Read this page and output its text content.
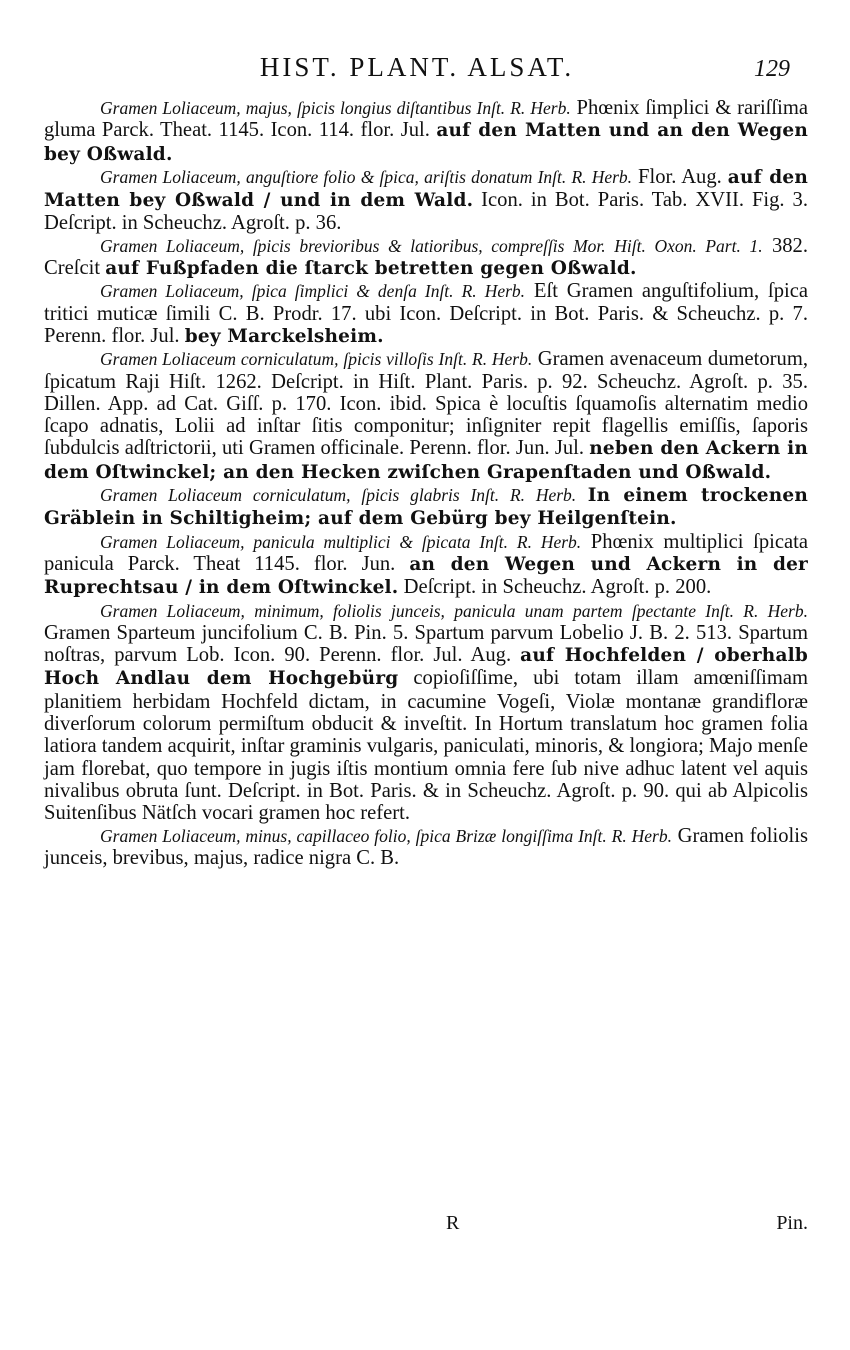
HIST. PLANT. ALSAT.	129

Gramen Loliaceum, majus, ſpicis longius diſtantibus Inſt. R. Herb. Phœnix ſimplici & rariſſima gluma Parck. Theat. 1145. Icon. 114. flor. Jul. auf den Matten und an den Wegen bey Oßwald.

Gramen Loliaceum, anguſtiore folio & ſpica, ariſtis donatum Inſt. R. Herb. Flor. Aug. auf den Matten bey Oßwald / und in dem Wald. Icon. in Bot. Paris. Tab. XVII. Fig. 3. Deſcript. in Scheuchz. Agroſt. p. 36.

Gramen Loliaceum, ſpicis brevioribus & latioribus, compreſſis Mor. Hiſt. Oxon. Part. 1. 382. Creſcit auf Fußpfaden die ſtarck betretten gegen Oßwald.

Gramen Loliaceum, ſpica ſimplici & denſa Inſt. R. Herb. Eſt Gramen anguſtifolium, ſpica tritici muticæ ſimili C. B. Prodr. 17. ubi Icon. Deſcript. in Bot. Paris. & Scheuchz. p. 7. Perenn. flor. Jul. bey Marckelsheim.

Gramen Loliaceum corniculatum, ſpicis villoſis Inſt. R. Herb. Gramen avenaceum dumetorum, ſpicatum Raji Hiſt. 1262. Deſcript. in Hiſt. Plant. Paris. p. 92. Scheuchz. Agroſt. p. 35. Dillen. App. ad Cat. Giſſ. p. 170. Icon. ibid. Spica è locuſtis ſquamoſis alternatim medio ſcapo adnatis, Lolii ad inſtar ſitis componitur; inſigniter repit flagellis emiſſis, ſaporis ſubdulcis adſtrictorii, uti Gramen officinale. Perenn. flor. Jun. Jul. neben den Ackern in dem Oſtwinckel; an den Hecken zwiſchen Grapenſtaden und Oßwald.

Gramen Loliaceum corniculatum, ſpicis glabris Inſt. R. Herb. In einem trockenen Gräblein in Schiltigheim; auf dem Gebürg bey Heilgenſtein.

Gramen Loliaceum, panicula multiplici & ſpicata Inſt. R. Herb. Phœnix multiplici ſpicata panicula Parck. Theat 1145. flor. Jun. an den Wegen und Ackern in der Ruprechtsau / in dem Oſtwinckel. Deſcript. in Scheuchz. Agroſt. p. 200.

Gramen Loliaceum, minimum, foliolis junceis, panicula unam partem ſpectante Inſt. R. Herb. Gramen Sparteum juncifolium C. B. Pin. 5. Spartum parvum Lobelio J. B. 2. 513. Spartum noſtras, parvum Lob. Icon. 90. Perenn. flor. Jul. Aug. auf Hochfelden / oberhalb Hoch Andlau dem Hochgebürg copioſiſſime, ubi totam illam amœniſſimam planitiem herbidam Hochfeld dictam, in cacumine Vogeſi, Violæ montanæ grandifloræ diverſorum colorum permiſtum obducit & inveſtit. In Hortum translatum hoc gramen folia latiora tandem acquirit, inſtar graminis vulgaris, paniculati, minoris, & longiora; Majo menſe jam florebat, quo tempore in jugis iſtis montium omnia fere ſub nive adhuc latent vel aquis nivalibus obruta ſunt. Deſcript. in Bot. Paris. & in Scheuchz. Agroſt. p. 90. qui ab Alpicolis Suitenſibus Nätſch vocari gramen hoc refert.

Gramen Loliaceum, minus, capillaceo folio, ſpica Brizæ longiſſima Inſt. R. Herb. Gramen foliolis junceis, brevibus, majus, radice nigra C. B.

R	Pin.
